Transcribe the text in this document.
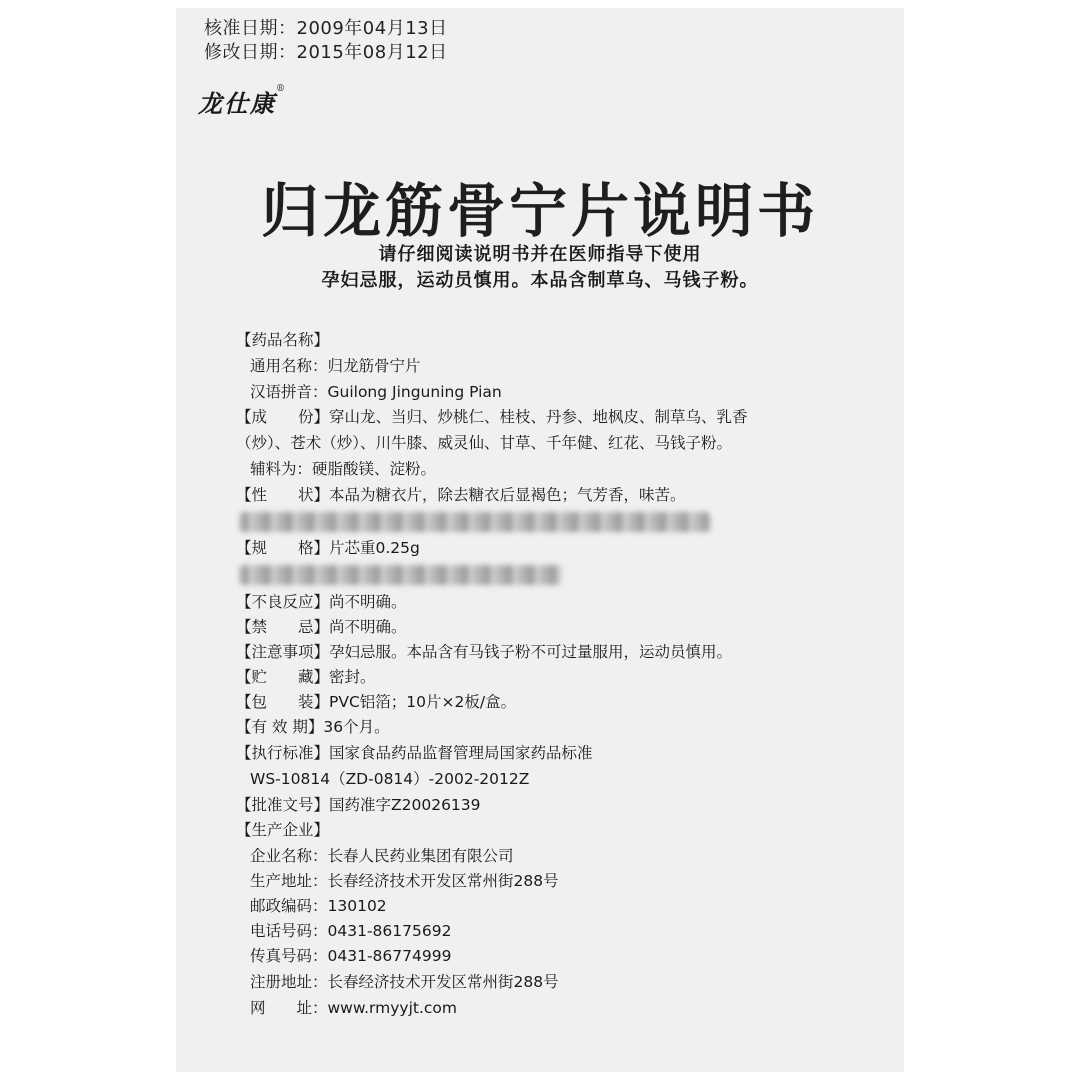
核准日期：2009年04月13日
修改日期：2015年08月12日
龙仕康®
归龙筋骨宁片说明书
请仔细阅读说明书并在医师指导下使用
孕妇忌服，运动员慎用。本品含制草乌、马钱子粉。
【药品名称】
通用名称：归龙筋骨宁片
汉语拼音：Guilong Jinguning Pian
【成　　份】穿山龙、当归、炒桃仁、桂枝、丹参、地枫皮、制草乌、乳香
（炒）、苍术（炒）、川牛膝、威灵仙、甘草、千年健、红花、马钱子粉。
辅料为：硬脂酸镁、淀粉。
【性　　状】本品为糖衣片，除去糖衣后显褐色；气芳香，味苦。
【规　　格】片芯重0.25g
【不良反应】尚不明确。
【禁　　忌】尚不明确。
【注意事项】孕妇忌服。本品含有马钱子粉不可过量服用，运动员慎用。
【贮　　藏】密封。
【包　　装】PVC铝箔；10片×2板/盒。
【有 效 期】36个月。
【执行标准】国家食品药品监督管理局国家药品标准
WS-10814（ZD-0814）-2002-2012Z
【批准文号】国药准字Z20026139
【生产企业】
企业名称：长春人民药业集团有限公司
生产地址：长春经济技术开发区常州街288号
邮政编码：130102
电话号码：0431-86175692
传真号码：0431-86774999
注册地址：长春经济技术开发区常州街288号
网　　址：www.rmyyjt.com
